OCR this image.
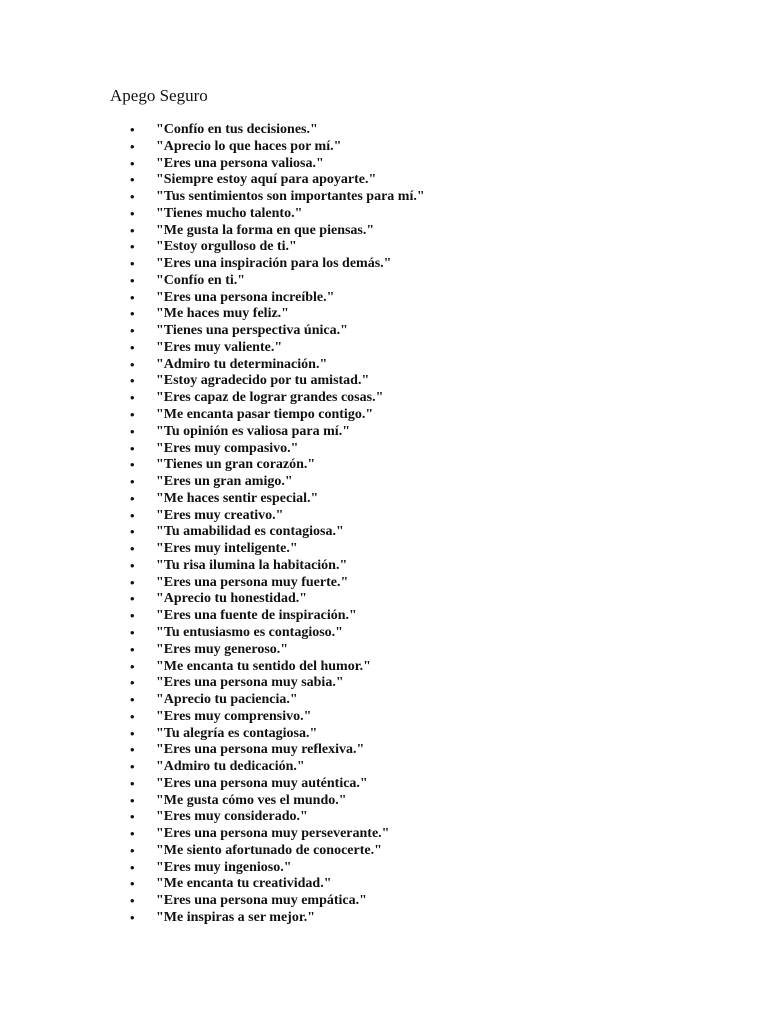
Apego Seguro
• "Confío en tus decisiones."
• "Aprecio lo que haces por mí."
• "Eres una persona valiosa."
• "Siempre estoy aquí para apoyarte."
• "Tus sentimientos son importantes para mí."
• "Tienes mucho talento."
• "Me gusta la forma en que piensas."
• "Estoy orgulloso de ti."
• "Eres una inspiración para los demás."
• "Confío en ti."
• "Eres una persona increíble."
• "Me haces muy feliz."
• "Tienes una perspectiva única."
• "Eres muy valiente."
• "Admiro tu determinación."
• "Estoy agradecido por tu amistad."
• "Eres capaz de lograr grandes cosas."
• "Me encanta pasar tiempo contigo."
• "Tu opinión es valiosa para mí."
• "Eres muy compasivo."
• "Tienes un gran corazón."
• "Eres un gran amigo."
• "Me haces sentir especial."
• "Eres muy creativo."
• "Tu amabilidad es contagiosa."
• "Eres muy inteligente."
• "Tu risa ilumina la habitación."
• "Eres una persona muy fuerte."
• "Aprecio tu honestidad."
• "Eres una fuente de inspiración."
• "Tu entusiasmo es contagioso."
• "Eres muy generoso."
• "Me encanta tu sentido del humor."
• "Eres una persona muy sabia."
• "Aprecio tu paciencia."
• "Eres muy comprensivo."
• "Tu alegría es contagiosa."
• "Eres una persona muy reflexiva."
• "Admiro tu dedicación."
• "Eres una persona muy auténtica."
• "Me gusta cómo ves el mundo."
• "Eres muy considerado."
• "Eres una persona muy perseverante."
• "Me siento afortunado de conocerte."
• "Eres muy ingenioso."
• "Me encanta tu creatividad."
• "Eres una persona muy empática."
• "Me inspiras a ser mejor."
